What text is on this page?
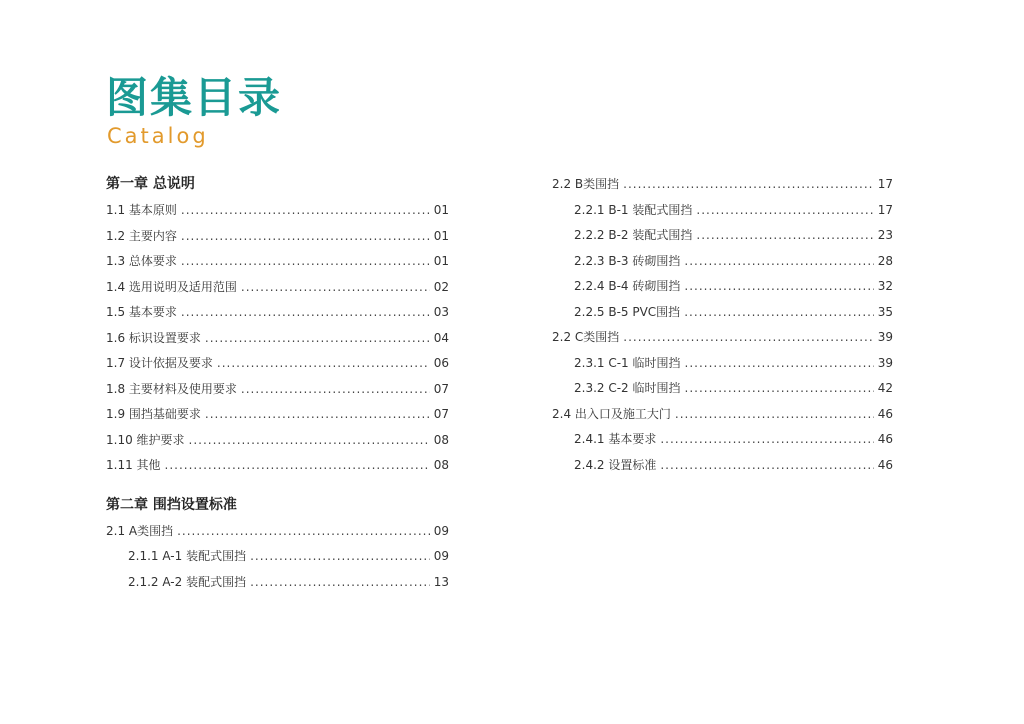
图集目录
Catalog
第一章 总说明
1.1 基本原则 .....	01
1.2 主要内容 .....	01
1.3 总体要求 .....	01
1.4 选用说明及适用范围 .....	02
1.5 基本要求 .....	03
1.6 标识设置要求 .....	04
1.7 设计依据及要求 .....	06
1.8 主要材料及使用要求 .....	07
1.9 围挡基础要求 .....	07
1.10 维护要求 .....	08
1.11 其他 .....	08
第二章 围挡设置标准
2.1 A类围挡 .....	09
2.1.1 A-1 装配式围挡 .....	09
2.1.2 A-2 装配式围挡 .....	13
2.2 B类围挡 .....	17
2.2.1 B-1 装配式围挡 .....	17
2.2.2 B-2 装配式围挡 .....	23
2.2.3 B-3 砖砌围挡 .....	28
2.2.4 B-4 砖砌围挡 .....	32
2.2.5 B-5 PVC围挡 .....	35
2.2 C类围挡 .....	39
2.3.1 C-1 临时围挡 .....	39
2.3.2 C-2 临时围挡 .....	42
2.4 出入口及施工大门 .....	46
2.4.1 基本要求 .....	46
2.4.2 设置标准 .....	46
